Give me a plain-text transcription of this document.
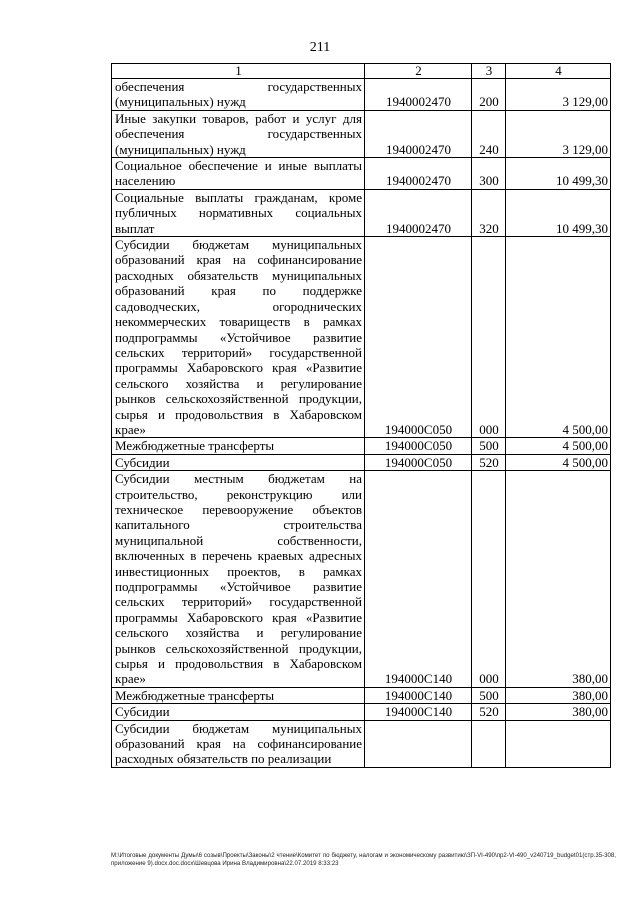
211
1	2	3	4
обеспечения государственных (муниципальных) нужд	1940002470	200	3 129,00
Иные закупки товаров, работ и услуг для обеспечения государственных (муниципальных) нужд	1940002470	240	3 129,00
Социальное обеспечение и иные выплаты населению	1940002470	300	10 499,30
Социальные выплаты гражданам, кроме публичных нормативных социальных выплат	1940002470	320	10 499,30
Субсидии бюджетам муниципальных образований края на софинансирование расходных обязательств муниципальных образований края по поддержке садоводческих, огороднических некоммерческих товариществ в рамках подпрограммы «Устойчивое развитие сельских территорий» государственной программы Хабаровского края «Развитие сельского хозяйства и регулирование рынков сельскохозяйственной продукции, сырья и продовольствия в Хабаровском крае»	194000С050	000	4 500,00
Межбюджетные трансферты	194000С050	500	4 500,00
Субсидии	194000С050	520	4 500,00
Субсидии местным бюджетам на строительство, реконструкцию или техническое перевооружение объектов капитального строительства муниципальной собственности, включенных в перечень краевых адресных инвестиционных проектов, в рамках подпрограммы «Устойчивое развитие сельских территорий» государственной программы Хабаровского края «Развитие сельского хозяйства и регулирование рынков сельскохозяйственной продукции, сырья и продовольствия в Хабаровском крае»	194000С140	000	380,00
Межбюджетные трансферты	194000С140	500	380,00
Субсидии	194000С140	520	380,00
Субсидии бюджетам муниципальных образований края на софинансирование расходных обязательств по реализации			
M:\Итоговые документы Думы\6 созыв\Проекты\Законы\2 чтение\Комитет по бюджету, налогам и экономическому развитию\ЗП-VI-490\пр2-VI-490_v240719_budget01(стр.35-308, приложение 9).docx.doc.docx\Шевцова Ирина Владимировна\22.07.2019 8:33:23
